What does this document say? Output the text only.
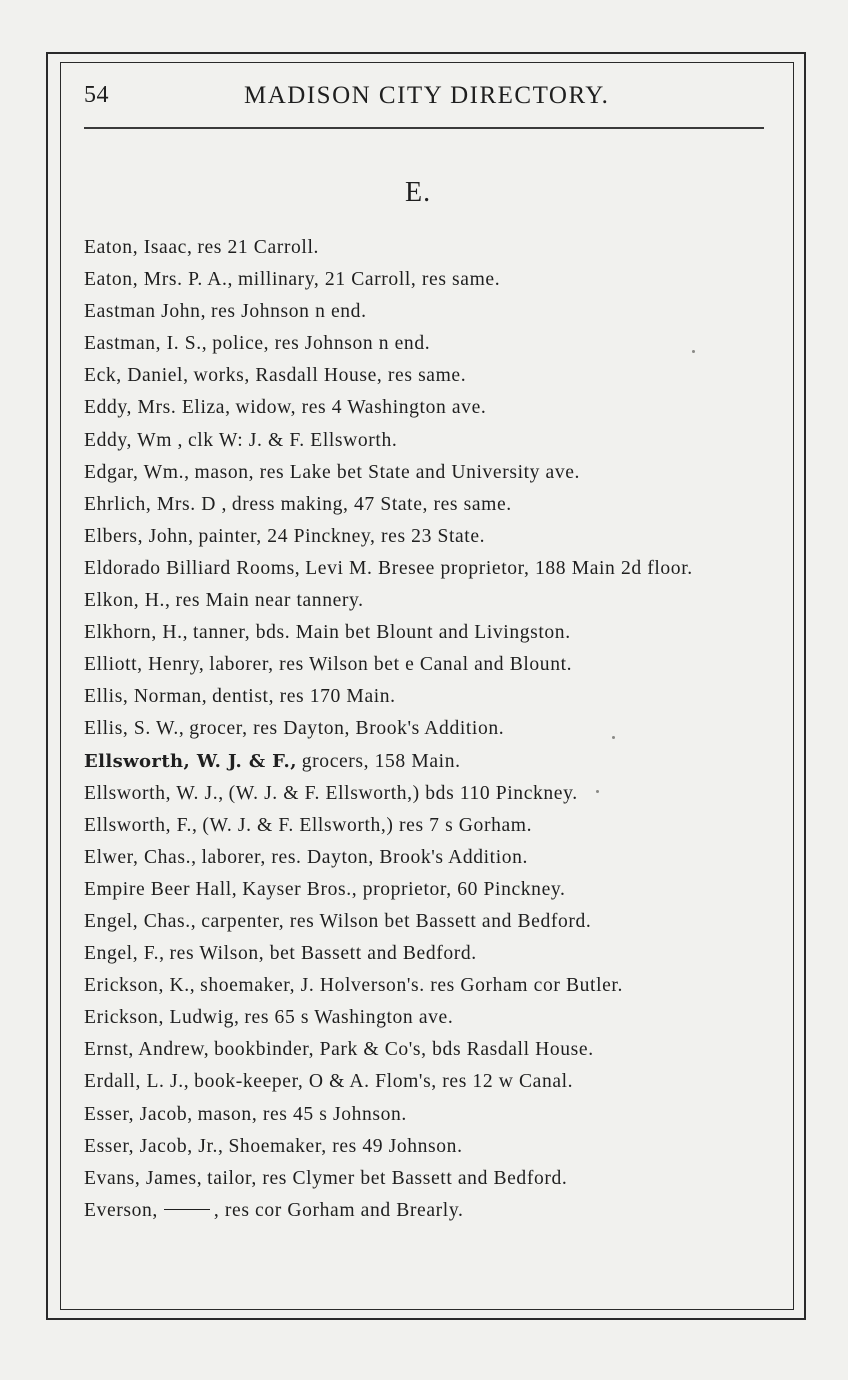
54	MADISON CITY DIRECTORY.
E.
Eaton, Isaac, res 21 Carroll.
Eaton, Mrs. P. A., millinary, 21 Carroll, res same.
Eastman John, res Johnson n end.
Eastman, I. S., police, res Johnson n end.
Eck, Daniel, works, Rasdall House, res same.
Eddy, Mrs. Eliza, widow, res 4 Washington ave.
Eddy, Wm , clk W: J. & F. Ellsworth.
Edgar, Wm., mason, res Lake bet State and University ave.
Ehrlich, Mrs. D , dress making, 47 State, res same.
Elbers, John, painter, 24 Pinckney, res 23 State.
Eldorado Billiard Rooms, Levi M. Bresee proprietor, 188 Main 2d floor.
Elkon, H., res Main near tannery.
Elkhorn, H., tanner, bds. Main bet Blount and Livingston.
Elliott, Henry, laborer, res Wilson bet e Canal and Blount.
Ellis, Norman, dentist, res 170 Main.
Ellis, S. W., grocer, res Dayton, Brook's Addition.
Ellsworth, W. J. & F., grocers, 158 Main.
Ellsworth, W. J., (W. J. & F. Ellsworth,) bds 110 Pinckney.
Ellsworth, F., (W. J. & F. Ellsworth,) res 7 s Gorham.
Elwer, Chas., laborer, res. Dayton, Brook's Addition.
Empire Beer Hall, Kayser Bros., proprietor, 60 Pinckney.
Engel, Chas., carpenter, res Wilson bet Bassett and Bedford.
Engel, F., res Wilson, bet Bassett and Bedford.
Erickson, K., shoemaker, J. Holverson's. res Gorham cor Butler.
Erickson, Ludwig, res 65 s Washington ave.
Ernst, Andrew, bookbinder, Park & Co's, bds Rasdall House.
Erdall, L. J., book-keeper, O & A. Flom's, res 12 w Canal.
Esser, Jacob, mason, res 45 s Johnson.
Esser, Jacob, Jr., Shoemaker, res 49 Johnson.
Evans, James, tailor, res Clymer bet Bassett and Bedford.
Everson,	, res cor Gorham and Brearly.
